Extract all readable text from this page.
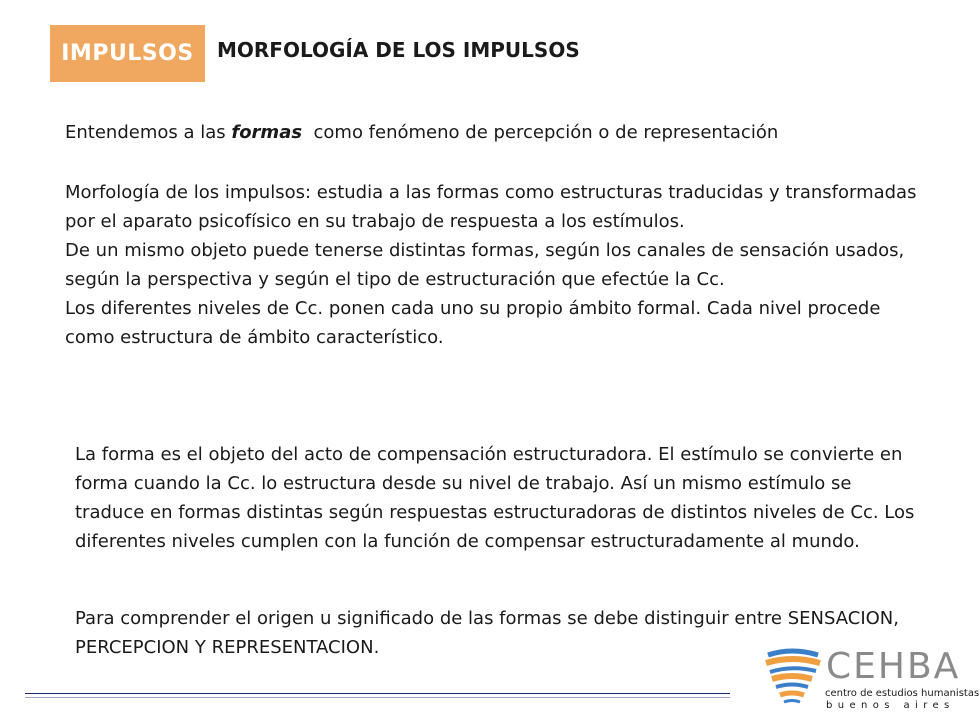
IMPULSOS MORFOLOGÍA DE LOS IMPULSOS

Entendemos a las formas  como fenómeno de percepción o de representación

Morfología de los impulsos: estudia a las formas como estructuras traducidas y transformadas por el aparato psicofísico en su trabajo de respuesta a los estímulos.
De un mismo objeto puede tenerse distintas formas, según los canales de sensación usados, según la perspectiva y según el tipo de estructuración que efectúe la Cc.
Los diferentes niveles de Cc. ponen cada uno su propio ámbito formal. Cada nivel procede como estructura de ámbito característico.

La forma es el objeto del acto de compensación estructuradora. El estímulo se convierte en forma cuando la Cc. lo estructura desde su nivel de trabajo. Así un mismo estímulo se traduce en formas distintas según respuestas estructuradoras de distintos niveles de Cc. Los diferentes niveles cumplen con la función de compensar estructuradamente al mundo.

Para comprender el origen u significado de las formas se debe distinguir entre SENSACION, PERCEPCION Y REPRESENTACION.	CEHBA
centro de estudios humanistas
buenos aires
